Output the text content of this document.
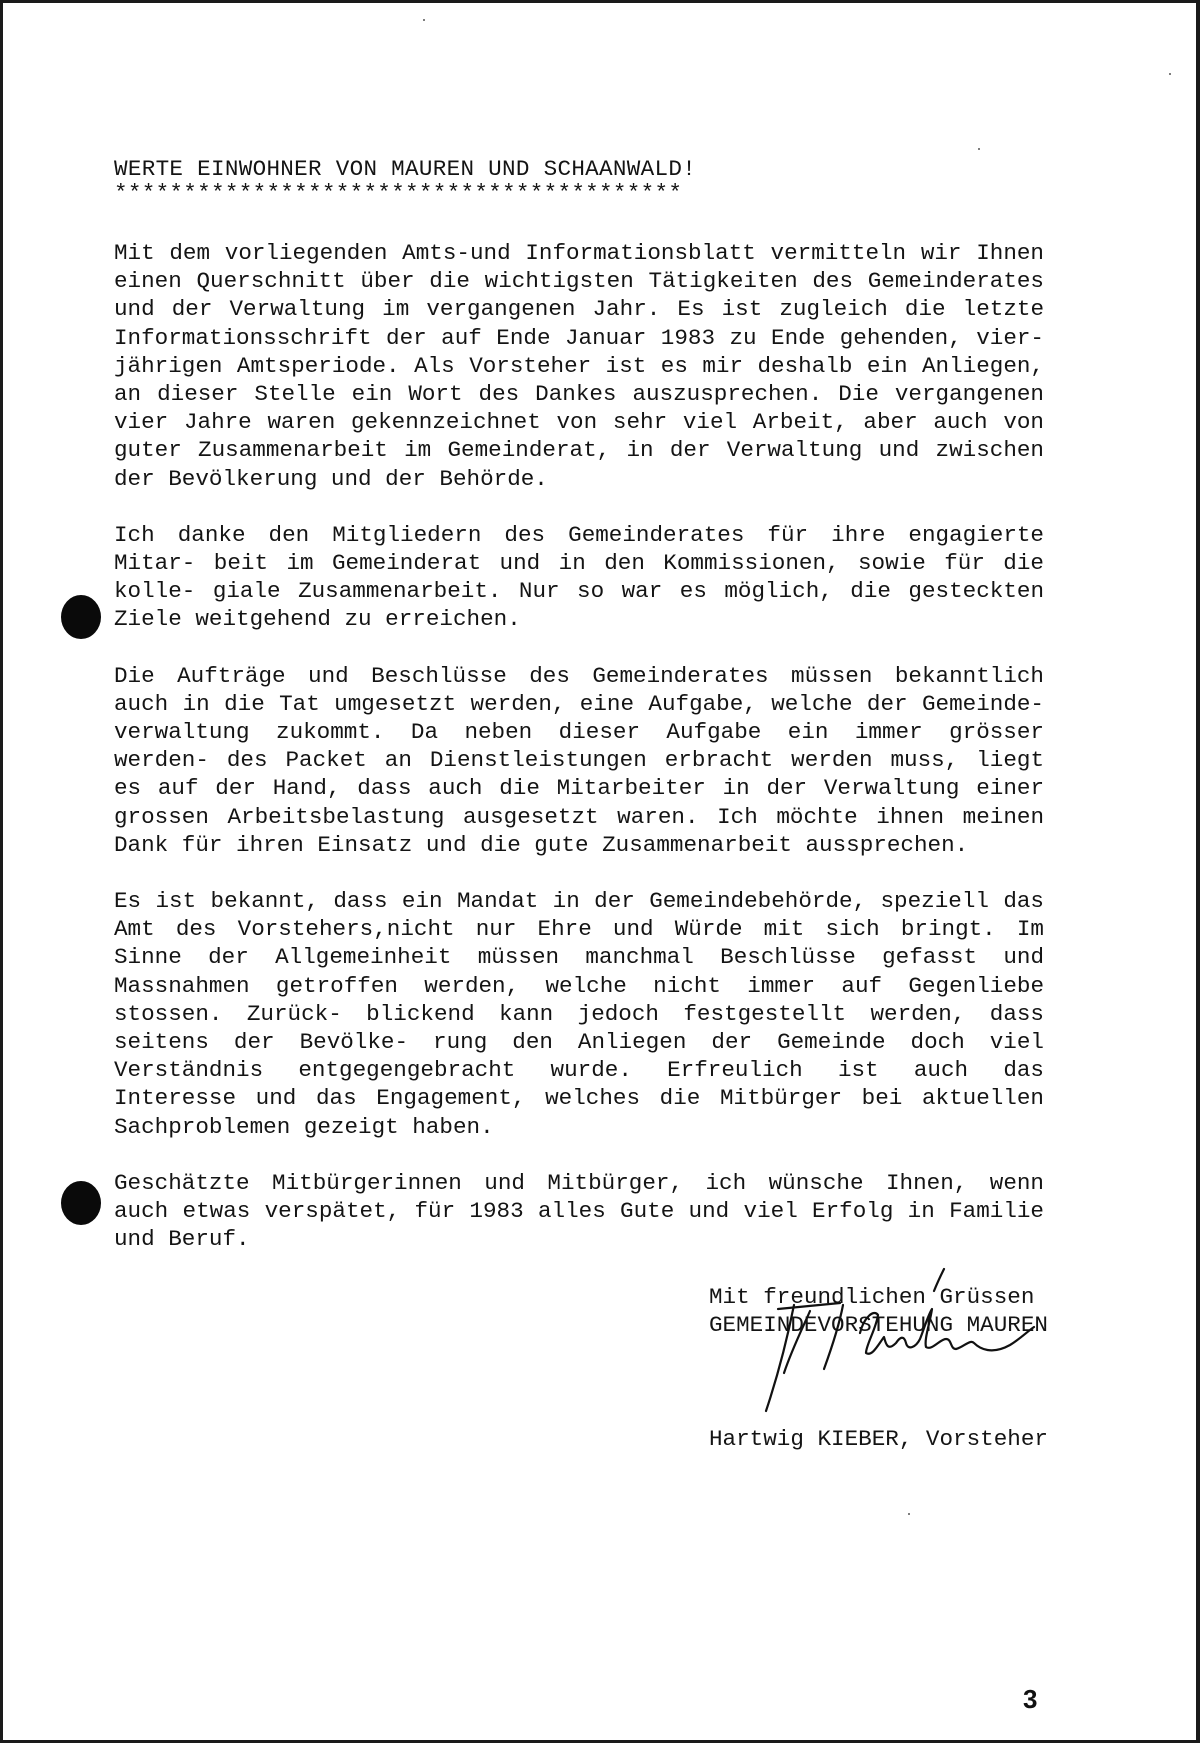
WERTE EINWOHNER VON MAUREN UND SCHAANWALD!

*****************************************

Mit dem vorliegenden Amts-und Informationsblatt vermitteln wir Ihnen einen Querschnitt über die wichtigsten Tätigkeiten des Gemeinderates und der Verwaltung im vergangenen Jahr. Es ist zugleich die letzte Informationsschrift der auf Ende Januar 1983 zu Ende gehenden, vier- jährigen Amtsperiode. Als Vorsteher ist es mir deshalb ein Anliegen, an dieser Stelle ein Wort des Dankes auszusprechen. Die vergangenen vier Jahre waren gekennzeichnet von sehr viel Arbeit, aber auch von guter Zusammenarbeit im Gemeinderat, in der Verwaltung und zwischen der Bevölkerung und der Behörde.

Ich danke den Mitgliedern des Gemeinderates für ihre engagierte Mitar- beit im Gemeinderat und in den Kommissionen, sowie für die kolle- giale Zusammenarbeit. Nur so war es möglich, die gesteckten Ziele weitgehend zu erreichen.

Die Aufträge und Beschlüsse des Gemeinderates müssen bekanntlich auch in die Tat umgesetzt werden, eine Aufgabe, welche der Gemeinde- verwaltung zukommt. Da neben dieser Aufgabe ein immer grösser werden- des Packet an Dienstleistungen erbracht werden muss, liegt es auf der Hand, dass auch die Mitarbeiter in der Verwaltung einer grossen Arbeitsbelastung ausgesetzt waren. Ich möchte ihnen meinen Dank für ihren Einsatz und die gute Zusammenarbeit aussprechen.

Es ist bekannt, dass ein Mandat in der Gemeindebehörde, speziell das Amt des Vorstehers,nicht nur Ehre und Würde mit sich bringt. Im Sinne der Allgemeinheit müssen manchmal Beschlüsse gefasst und Massnahmen getroffen werden, welche nicht immer auf Gegenliebe stossen. Zurück- blickend kann jedoch festgestellt werden, dass seitens der Bevölke- rung den Anliegen der Gemeinde doch viel Verständnis entgegengebracht wurde. Erfreulich ist auch das Interesse und das Engagement, welches die Mitbürger bei aktuellen Sachproblemen gezeigt haben.

Geschätzte Mitbürgerinnen und Mitbürger, ich wünsche Ihnen, wenn auch etwas verspätet, für 1983 alles Gute und viel Erfolg in Familie und Beruf.

Mit freundlichen Grüssen
GEMEINDEVORSTEHUNG MAUREN
Hartwig KIEBER, Vorsteher
3
